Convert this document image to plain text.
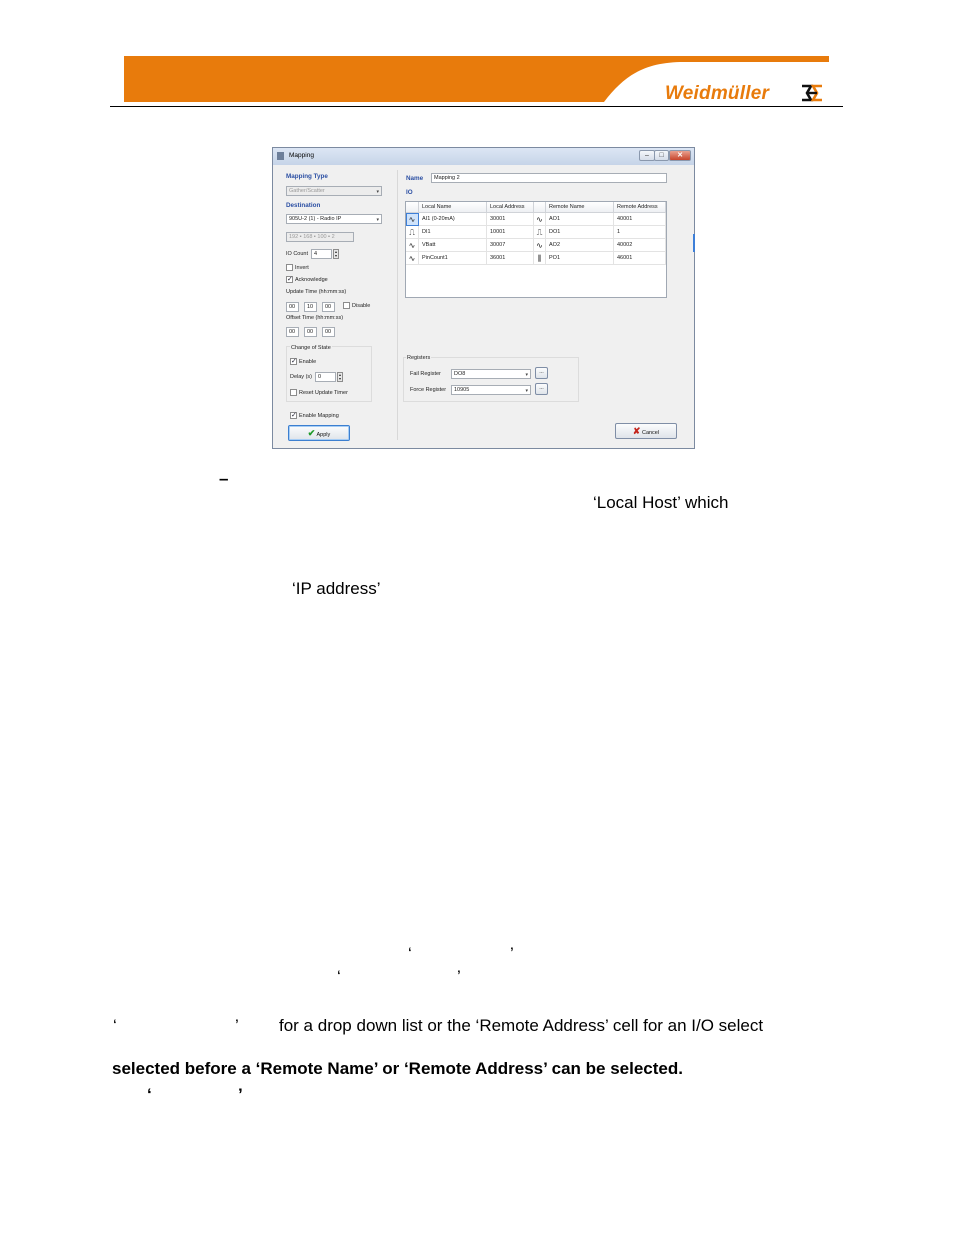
Weidmüller
Mapping	–	□	✕
Mapping Type
Gather/Scatter	▾
Destination
905U-2 (1) - Radio IP	▾
192 ▪ 168 ▪ 100 ▪ 2
IO Count	4	▴
▾
Invert
✓
Acknowledge
Update Time (hh:mm:ss)
00	10	00	Disable
Offset Time (hh:mm:ss)
00	00	00
Change of State
✓
Enable
Delay (s)	0	▴
▾
Reset Update Timer
✓
Enable Mapping
✔ Apply
Name	Mapping 2
IO
Local Name	Local Address	Remote Name	Remote Address
∿	AI1 (0-20mA)	30001	∿	AO1	40001
⎍	DI1	10001	⎍	DO1	1
∿	VBatt	30007	∿	AO2	40002
∿	PinCount1	36001	⫼	PO1	46001
Registers
Fail Register	DO8	▾	...
Force Register	10905	▾	...
✘ Cancel
–
‘Local Host’ which
‘IP address’
‘	’
‘	’
‘	’ for a drop down list or the ‘Remote Address’ cell for an I/O select
selected before a ‘Remote Name’ or ‘Remote Address’ can be selected.
‘	’
